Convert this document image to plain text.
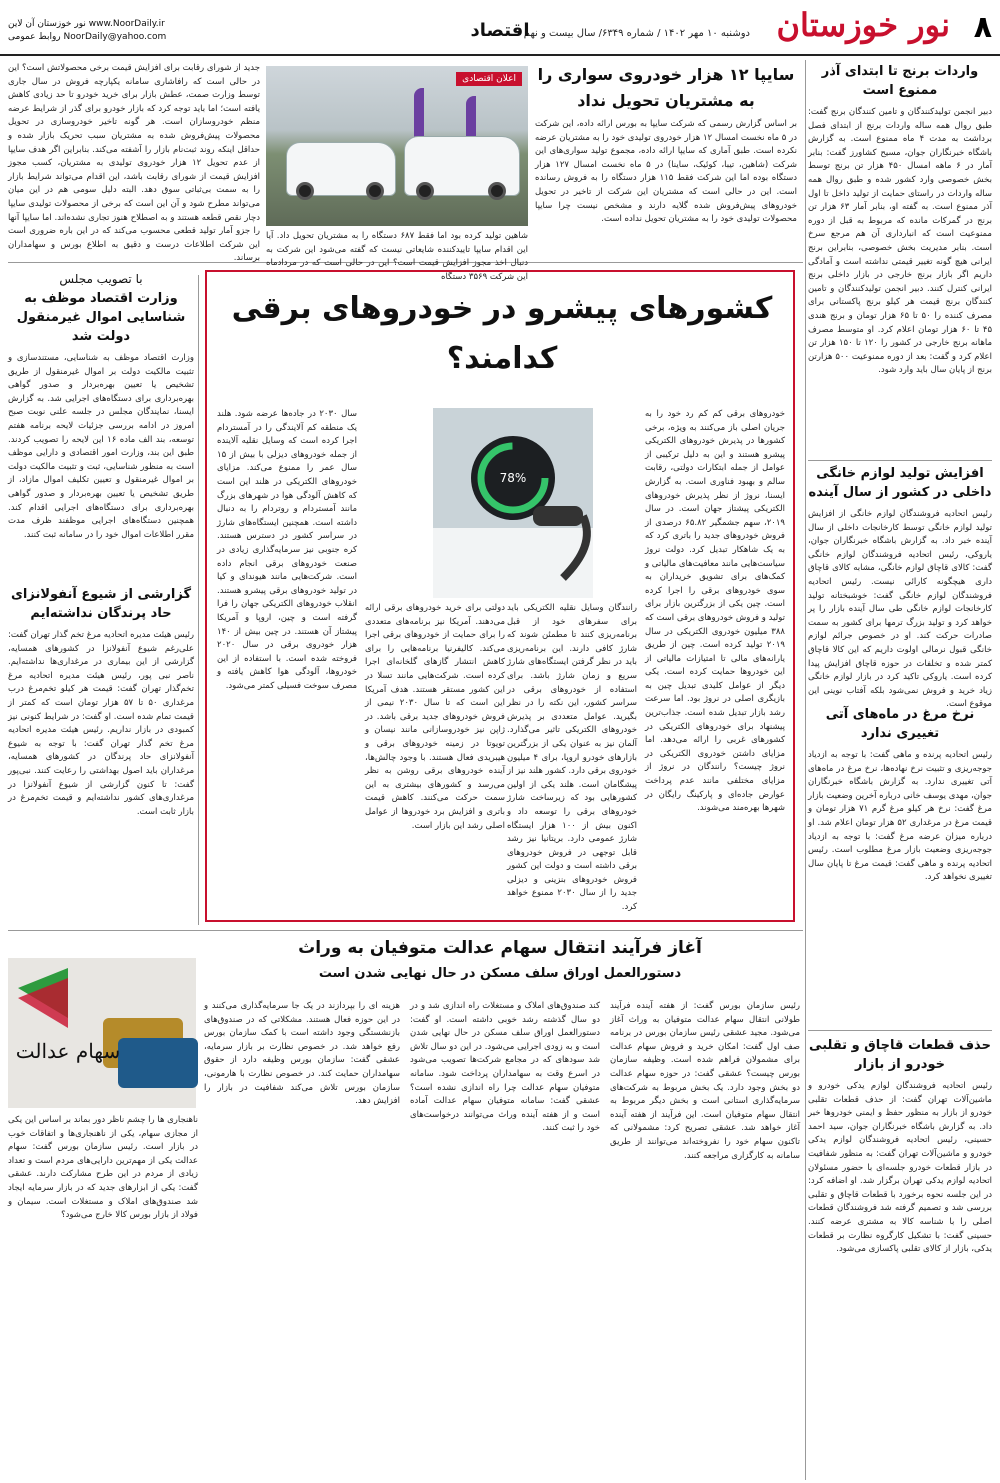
۸
نور خوزستان
دوشنبه ۱۰ مهر ۱۴۰۲ / شماره ۶۳۴۹/ سال بیست و نهم
اقتصاد
نور خوزستان آن لاین www.NoorDaily.ir
روابط عمومی NoorDaily@yahoo.com
واردات برنج تا ابتدای آذر ممنوع است
دبیر انجمن تولیدکنندگان و تامین کنندگان برنج گفت: طبق روال همه ساله واردات برنج از ابتدای فصل برداشت به مدت ۴ ماه ممنوع است. به گزارش باشگاه خبرنگاران جوان، مسیح کشاورز گفت: بنابر آمار در ۶ ماهه امسال ۴۵۰ هزار تن برنج توسط بخش خصوصی وارد کشور شده و طبق روال همه ساله واردات در راستای حمایت از تولید داخل تا اول آذر ممنوع است. به گفته او، بنابر آمار ۶۳ هزار تن برنج در گمرکات مانده که مربوط به قبل از دوره ممنوعیت است که انبارداری آن هم مرجع سرخ است. بنابر مدیریت بخش خصوصی، بنابراین برنج ایرانی هیچ گونه تغییر قیمتی نداشته است و آمادگی داریم اگر بازار برنج خارجی در بازار داخلی برنج ایرانی کنترل کنند. دبیر انجمن تولیدکنندگان و تامین کنندگان برنج قیمت هر کیلو برنج پاکستانی برای مصرف کننده را ۵۰ تا ۶۵ هزار تومان و برنج هندی ۴۵ تا ۶۰ هزار تومان اعلام کرد. او متوسط مصرف ماهانه برنج خارجی در کشور را ۱۲۰ تا ۱۵۰ هزار تن اعلام کرد و گفت: بعد از دوره ممنوعیت ۵۰۰ هزارتن برنج از پایان سال باید وارد شود.
افزایش تولید لوازم خانگی داخلی در کشور از سال آینده
رئیس اتحادیه فروشندگان لوازم خانگی از افزایش تولید لوازم خانگی توسط کارخانجات داخلی از سال آینده خبر داد. به گزارش باشگاه خبرنگاران جوان، یاروکی، رئیس اتحادیه فروشندگان لوازم خانگی گفت: کالای قاچاق لوازم خانگی، مشابه کالای قاچاق داری هیچگونه کارائی نیست. رئیس اتحادیه فروشندگان لوازم خانگی گفت: خوشبختانه تولید کارخانجات لوازم خانگی طی سال آینده بازار را پر خواهد کرد و تولید بزرگ ترمها برای کشور به سمت صادرات حرکت کند. او در خصوص جرائم لوازم خانگی قبول نرمالی اولوت داریم که این کالا قاچاق کمتر شده و تخلفات در حوزه قاچاق افزایش پیدا کرده است. یاروکی تاکید کرد در بازار لوازم خانگی زیاد خرید و فروش نمی‌شود بلکه آفتاب نوینی این موقوع است.
نرخ مرغ در ماه‌های آتی تغییری ندارد
رئیس اتحادیه پرنده و ماهی گفت: با توجه به ازدیاد جوجه‌ریزی و تثبیت نرخ نهاده‌ها، نرخ مرغ در ماه‌های آتی تغییری ندارد. به گزارش باشگاه خبرنگاران جوان، مهدی یوسف خانی درباره آخرین وضعیت بازار مرغ گفت: نرخ هر کیلو مرغ گرم ۷۱ هزار تومان و قیمت مرغ در مرغداری ۵۲ هزار تومان اعلام شد. او درباره میزان عرضه مرغ گفت: با توجه به ازدیاد جوجه‌ریزی وضعیت بازار مرغ مطلوب است. رئیس اتحادیه پرنده و ماهی گفت: قیمت مرغ تا پایان سال تغییری نخواهد کرد.
حذف قطعات قاچاق و تقلبی خودرو از بازار
رئیس اتحادیه فروشندگان لوازم یدکی خودرو و ماشین‌آلات تهران گفت: از حذف قطعات تقلبی خودرو از بازار به منظور حفظ و ایمنی خودروها خبر داد. به گزارش باشگاه خبرنگاران جوان، سید احمد حسینی، رئیس اتحادیه فروشندگان لوازم یدکی خودرو و ماشین‌آلات تهران گفت: به منظور شفافیت در بازار قطعات خودرو جلسه‌ای با حضور مسئولان اتحادیه لوازم یدکی تهران برگزار شد. او اضافه کرد: در این جلسه نحوه برخورد با قطعات قاچاق و تقلبی بررسی شد و تصمیم گرفته شد فروشندگان قطعات اصلی را با شناسه کالا به مشتری عرضه کنند. حسینی گفت: با تشکیل کارگروه نظارت بر قطعات یدکی، بازار از کالای تقلبی پاکسازی می‌شود.
سایپا ۱۲ هزار خودروی سواری را
به مشتریان تحویل نداد
بر اساس گزارش رسمی که شرکت سایپا به بورس ارائه داده، این شرکت در ۵ ماه نخست امسال ۱۲ هزار خودروی تولیدی خود را به مشتریان عرضه نکرده است. طبق آماری که سایپا ارائه داده، مجموع تولید سواری‌های این شرکت (شاهین، تیبا، کوئیک، ساینا) در ۵ ماه نخست امسال ۱۲۷ هزار دستگاه بوده اما این شرکت فقط ۱۱۵ هزار دستگاه را به فروش رسانده است. این در حالی است که مشتریان این شرکت از تاخیر در تحویل خودروهای پیش‌فروش شده گلایه دارند و مشخص نیست چرا سایپا محصولات تولیدی خود را به مشتریان تحویل نداده است.
اعلان اقتصادی
شاهین تولید کرده بود اما فقط ۶۸۷ دستگاه را به مشتریان تحویل داد. آیا این اقدام سایپا تاییدکننده شایعاتی نیست که گفته می‌شود این شرکت به دنبال اخذ مجوز افزایش قیمت است؟ این در حالی است که در مردادماه این شرکت ۳۵۶۹ دستگاه
جدید از شورای رقابت برای افزایش قیمت برخی محصولاتش است؟ این در حالی است که رافاشاری سامانه یکپارچه فروش در سال جاری توسط وزارت صمت، عطش بازار برای خرید خودرو تا حد زیادی کاهش یافته است؛ اما باید توجه کرد که بازار خودرو برای گذر از شرایط عرضه منظم خودروسازان است. هر گونه تاخیر خودروسازی در تحویل محصولات پیش‌فروش شده به مشتریان سبب تحریک بازار شده و حداقل اینکه روند ثبت‌نام بازار را آشفته می‌کند. بنابراین اگر هدف سایپا از عدم تحویل ۱۲ هزار خودروی تولیدی به مشتریان، کسب مجوز افزایش قیمت از شورای رقابت باشد، این اقدام می‌تواند شرایط بازار را به سمت بی‌ثباتی سوق دهد. البته دلیل سومی هم در این میان می‌تواند مطرح شود و آن این است که برخی از محصولات تولیدی سایپا دچار نقص قطعه هستند و به اصطلاح هنوز تجاری نشده‌اند. اما سایپا آنها را جزو آمار تولید قطعی محسوب می‌کند که در این باره ضروری است این شرکت اطلاعات درست و دقیق به اطلاع بورس و سهامداران برساند.
کشورهای پیشرو در خودروهای برقی کدامند؟
خودروهای برقی کم کم رد خود را به جریان اصلی باز می‌کنند به ویژه، برخی کشورها در پذیرش خودروهای الکتریکی پیشرو هستند و این به دلیل ترکیبی از عوامل از جمله ابتکارات دولتی، رقابت سالم و بهبود فناوری است. به گزارش ایسنا، نروژ از نظر پذیرش خودروهای الکتریکی پیشتاز جهان است. در سال ۲۰۱۹، سهم جشمگیر ۶۵.۸۲ درصدی از فروش خودروهای جدید را باتری کرد که به یک شاهکار تبدیل کرد. دولت نروژ سیاست‌هایی مانند معافیت‌های مالیاتی و کمک‌های برای تشویق خریداران به سوی خودروهای برقی را اجرا کرده است. چین یکی از بزرگترین بازار برای تولید و فروش خودروهای برقی است که ۳۸۸ میلیون خودروی الکتریکی در سال ۲۰۱۹ تولید کرده است. چین از طریق یارانه‌های مالی تا امتیازات مالیاتی از این خودروها حمایت کرده است. یکی دیگر از عوامل کلیدی تبدیل چین به بازیگری اصلی در نروژ بود. اما سرعت رشد بازار تبدیل شده است. جذاب‌ترین پیشنهاد برای خودروهای الکتریکی در کشورهای غربی را ارائه می‌دهد. اما مزایای داشتن خودروی الکتریکی در نروژ چیست؟ رانندگان در نروژ از مزایای مختلفی مانند عدم پرداخت عوارض جاده‌ای و پارکینگ رایگان در شهرها بهره‌مند می‌شوند.
رانندگان وسایل نقلیه الکتریکی باید برای سفرهای خود از قبل برنامه‌ریزی کنند تا مطمئن شوند که شارژ کافی دارند. این برنامه‌ریزی باید در نظر گرفتن ایستگاه‌های شارژ سریع و زمان شارژ باشد. برای استفاده از خودروهای برقی در سراسر کشور، این نکته را در نظر بگیرید. عوامل متعددی بر پذیرش خودروهای الکتریکی تاثیر می‌گذارد. آلمان نیز به عنوان یکی از بزرگترین بازارهای خودرو اروپا، برای ۴ میلیون خودروی برقی دارد. کشور هلند نیز از پیشگامان است. هلند یکی از اولین کشورهایی بود که زیرساخت شارژ خودروهای برقی را توسعه داد و اکنون بیش از ۱۰۰ هزار ایستگاه شارژ عمومی دارد. بریتانیا نیز رشد قابل توجهی در فروش خودروهای برقی داشته است و دولت این کشور فروش خودروهای بنزینی و دیزلی جدید را از سال ۲۰۳۰ ممنوع خواهد کرد.
سال ۲۰۳۰ در جاده‌ها عرضه شود. هلند یک منطقه کم آلایندگی را در آمستردام اجرا کرده است که وسایل نقلیه آلاینده از جمله خودروهای دیزلی با بیش از ۱۵ سال عمر را ممنوع می‌کند. مزایای خودروهای الکتریکی در هلند این است که کاهش آلودگی هوا در شهرهای بزرگ مانند آمستردام و روتردام را به دنبال داشته است. همچنین ایستگاه‌های شارژ در سراسر کشور در دسترس هستند. کره جنوبی نیز سرمایه‌گذاری زیادی در صنعت خودروهای برقی انجام داده است. شرکت‌هایی مانند هیوندای و کیا در تولید خودروهای برقی پیشرو هستند. انقلاب خودروهای الکتریکی جهان را فرا گرفته است و چین، اروپا و آمریکا پیشتاز آن هستند. در چین بیش از ۱۴۰ هزار خودروی برقی در سال ۲۰۲۰ فروخته شده است. با استفاده از این خودروها، آلودگی هوا کاهش یافته و مصرف سوخت فسیلی کمتر می‌شود.
دولتی برای خرید خودروهای برقی ارائه می‌دهند. آمریکا نیز برنامه‌های متعددی را برای حمایت از خودروهای برقی اجرا می‌کند. کالیفرنیا برنامه‌هایی را برای کاهش انتشار گازهای گلخانه‌ای اجرا کرده است. شرکت‌هایی مانند تسلا در این کشور مستقر هستند. هدف آمریکا این است که تا سال ۲۰۳۰ نیمی از فروش خودروهای جدید برقی باشد. در ژاپن نیز خودروسازانی مانند نیسان و تویوتا در زمینه خودروهای برقی و هیبریدی فعال هستند. با وجود چالش‌ها، آینده خودروهای برقی روشن به نظر می‌رسد و کشورهای بیشتری به این سمت حرکت می‌کنند. کاهش قیمت باتری و افزایش برد خودروها از عوامل اصلی رشد این بازار است.
78%
با تصویب مجلس
وزارت اقتصاد موظف به شناسایی اموال غیرمنقول دولت شد
وزارت اقتصاد موظف به شناسایی، مستندسازی و تثبیت مالکیت دولت بر اموال غیرمنقول از طریق تشخیص یا تعیین بهره‌بردار و صدور گواهی بهره‌برداری برای دستگاه‌های اجرایی شد. به گزارش ایسنا، نمایندگان مجلس در جلسه علنی نوبت صبح امروز در ادامه بررسی جزئیات لایحه برنامه هفتم توسعه، بند الف ماده ۱۶ این لایحه را تصویب کردند. طبق این بند، وزارت امور اقتصادی و دارایی موظف است به منظور شناسایی، ثبت و تثبیت مالکیت دولت بر اموال غیرمنقول و تعیین تکلیف اموال مازاد، از طریق تشخیص یا تعیین بهره‌بردار و صدور گواهی بهره‌برداری برای دستگاه‌های اجرایی اقدام کند. همچنین دستگاه‌های اجرایی موظفند ظرف مدت مقرر اطلاعات اموال خود را در سامانه ثبت کنند.
گزارشی از شیوع آنفولانزای حاد پرندگان نداشته‌ایم
رئیس هیئت مدیره اتحادیه مرغ تخم گذار تهران گفت: علی‌رغم شیوع آنفولانزا در کشورهای همسایه، گزارشی از این بیماری در مرغداری‌ها نداشته‌ایم. ناصر نبی پور، رئیس هیئت مدیره اتحادیه مرغ تخم‌گذار تهران گفت: قیمت هر کیلو تخم‌مرغ درب مرغداری ۵۰ تا ۵۷ هزار تومان است که کمتر از قیمت تمام شده است. او گفت: در شرایط کنونی نیز کمبودی در بازار نداریم. رئیس هیئت مدیره اتحادیه مرغ تخم گذار تهران گفت: با توجه به شیوع آنفولانزای حاد پرندگان در کشورهای همسایه، مرغداران باید اصول بهداشتی را رعایت کنند. نبی‌پور گفت: تا کنون گزارشی از شیوع آنفولانزا در مرغداری‌های کشور نداشته‌ایم و قیمت تخم‌مرغ در بازار ثابت است.
آغاز فرآیند انتقال سهام عدالت متوفیان به وراث
دستورالعمل اوراق سلف مسکن در حال نهایی شدن است
سهام عدالت
رئیس سازمان بورس گفت: از هفته آینده فرآیند طولانی انتقال سهام عدالت متوفیان به وراث آغاز می‌شود. مجید عشقی رئیس سازمان بورس در برنامه صف اول گفت: امکان خرید و فروش سهام عدالت برای مشمولان فراهم شده است. وظیفه سازمان بورس چیست؟ عشقی گفت: در حوزه سهام عدالت دو بخش وجود دارد. یک بخش مربوط به شرکت‌های سرمایه‌گذاری استانی است و بخش دیگر مربوط به انتقال سهام متوفیان است. این فرآیند از هفته آینده آغاز خواهد شد. عشقی تصریح کرد: مشمولانی که تاکنون سهام خود را نفروخته‌اند می‌توانند از طریق سامانه به کارگزاری مراجعه کنند.
کند صندوق‌های املاک و مستغلات راه اندازی شد و در دو سال گذشته رشد خوبی داشته است. او گفت: دستورالعمل اوراق سلف مسکن در حال نهایی شدن است و به زودی اجرایی می‌شود. در این دو سال تلاش شد سودهای که در مجامع شرکت‌ها تصویب می‌شود در اسرع وقت به سهامداران پرداخت شود. سامانه متوفیان سهام عدالت چرا راه اندازی نشده است؟ عشقی گفت: سامانه متوفیان سهام عدالت آماده است و از هفته آینده وراث می‌توانند درخواست‌های خود را ثبت کنند.
هزینه ای را بپردازند در یک جا سرمایه‌گذاری می‌کنند و در این حوزه فعال هستند. مشکلاتی که در صندوق‌های بازنشستگی وجود داشته است با کمک سازمان بورس رفع خواهد شد. در خصوص نظارت بر بازار سرمایه، عشقی گفت: سازمان بورس وظیفه دارد از حقوق سهامداران حمایت کند. در خصوص نظارت با هارمونی، سازمان بورس تلاش می‌کند شفافیت در بازار را افزایش دهد.
ناهنجاری ها را چشم ناظر دور بماند بر اساس این یکی از مجازی سهام، یکی از ناهنجاری‌ها و اتفاقات خوب در بازار است. رئیس سازمان بورس گفت: سهام عدالت یکی از مهم‌ترین دارایی‌های مردم است و تعداد زیادی از مردم در این طرح مشارکت دارند. عشقی گفت: یکی از ابزارهای جدید که در بازار سرمایه ایجاد شد صندوق‌های املاک و مستغلات است. سیمان و فولاد از بازار بورس کالا خارج می‌شود؟
